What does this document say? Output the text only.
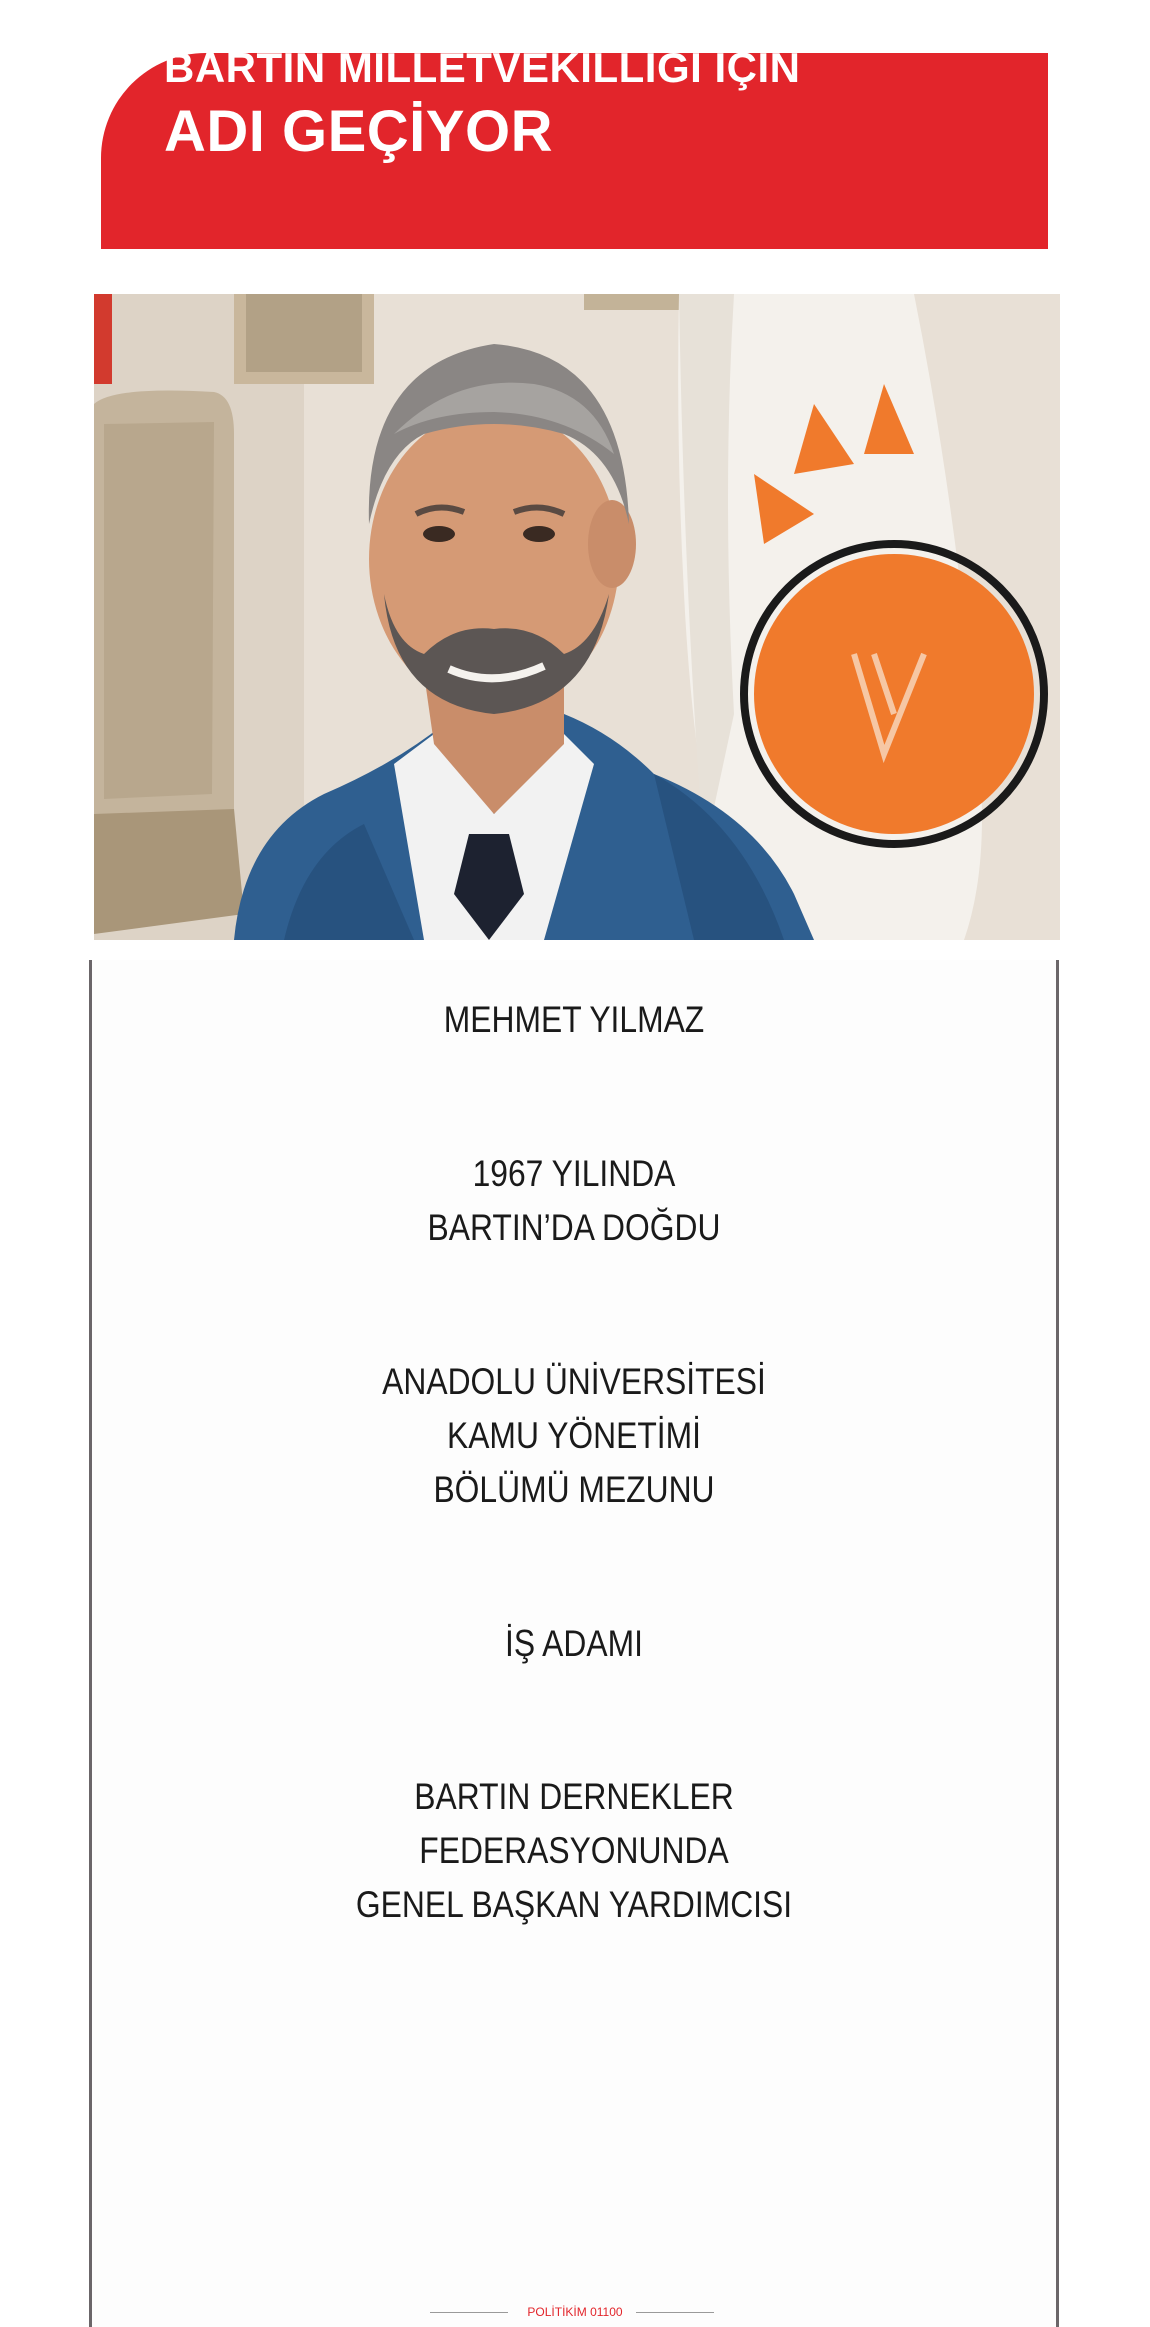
BARTIN MİLLETVEKİLLİĞİ İÇİN
ADI GEÇİYOR
MEHMET YILMAZ
1967 YILINDA
BARTIN’DA DOĞDU
ANADOLU ÜNİVERSİTESİ
KAMU YÖNETİMİ
BÖLÜMÜ MEZUNU
İŞ ADAMI
BARTIN DERNEKLER
FEDERASYONUNDA
GENEL BAŞKAN YARDIMCISI
POLİTİKİM 01100
